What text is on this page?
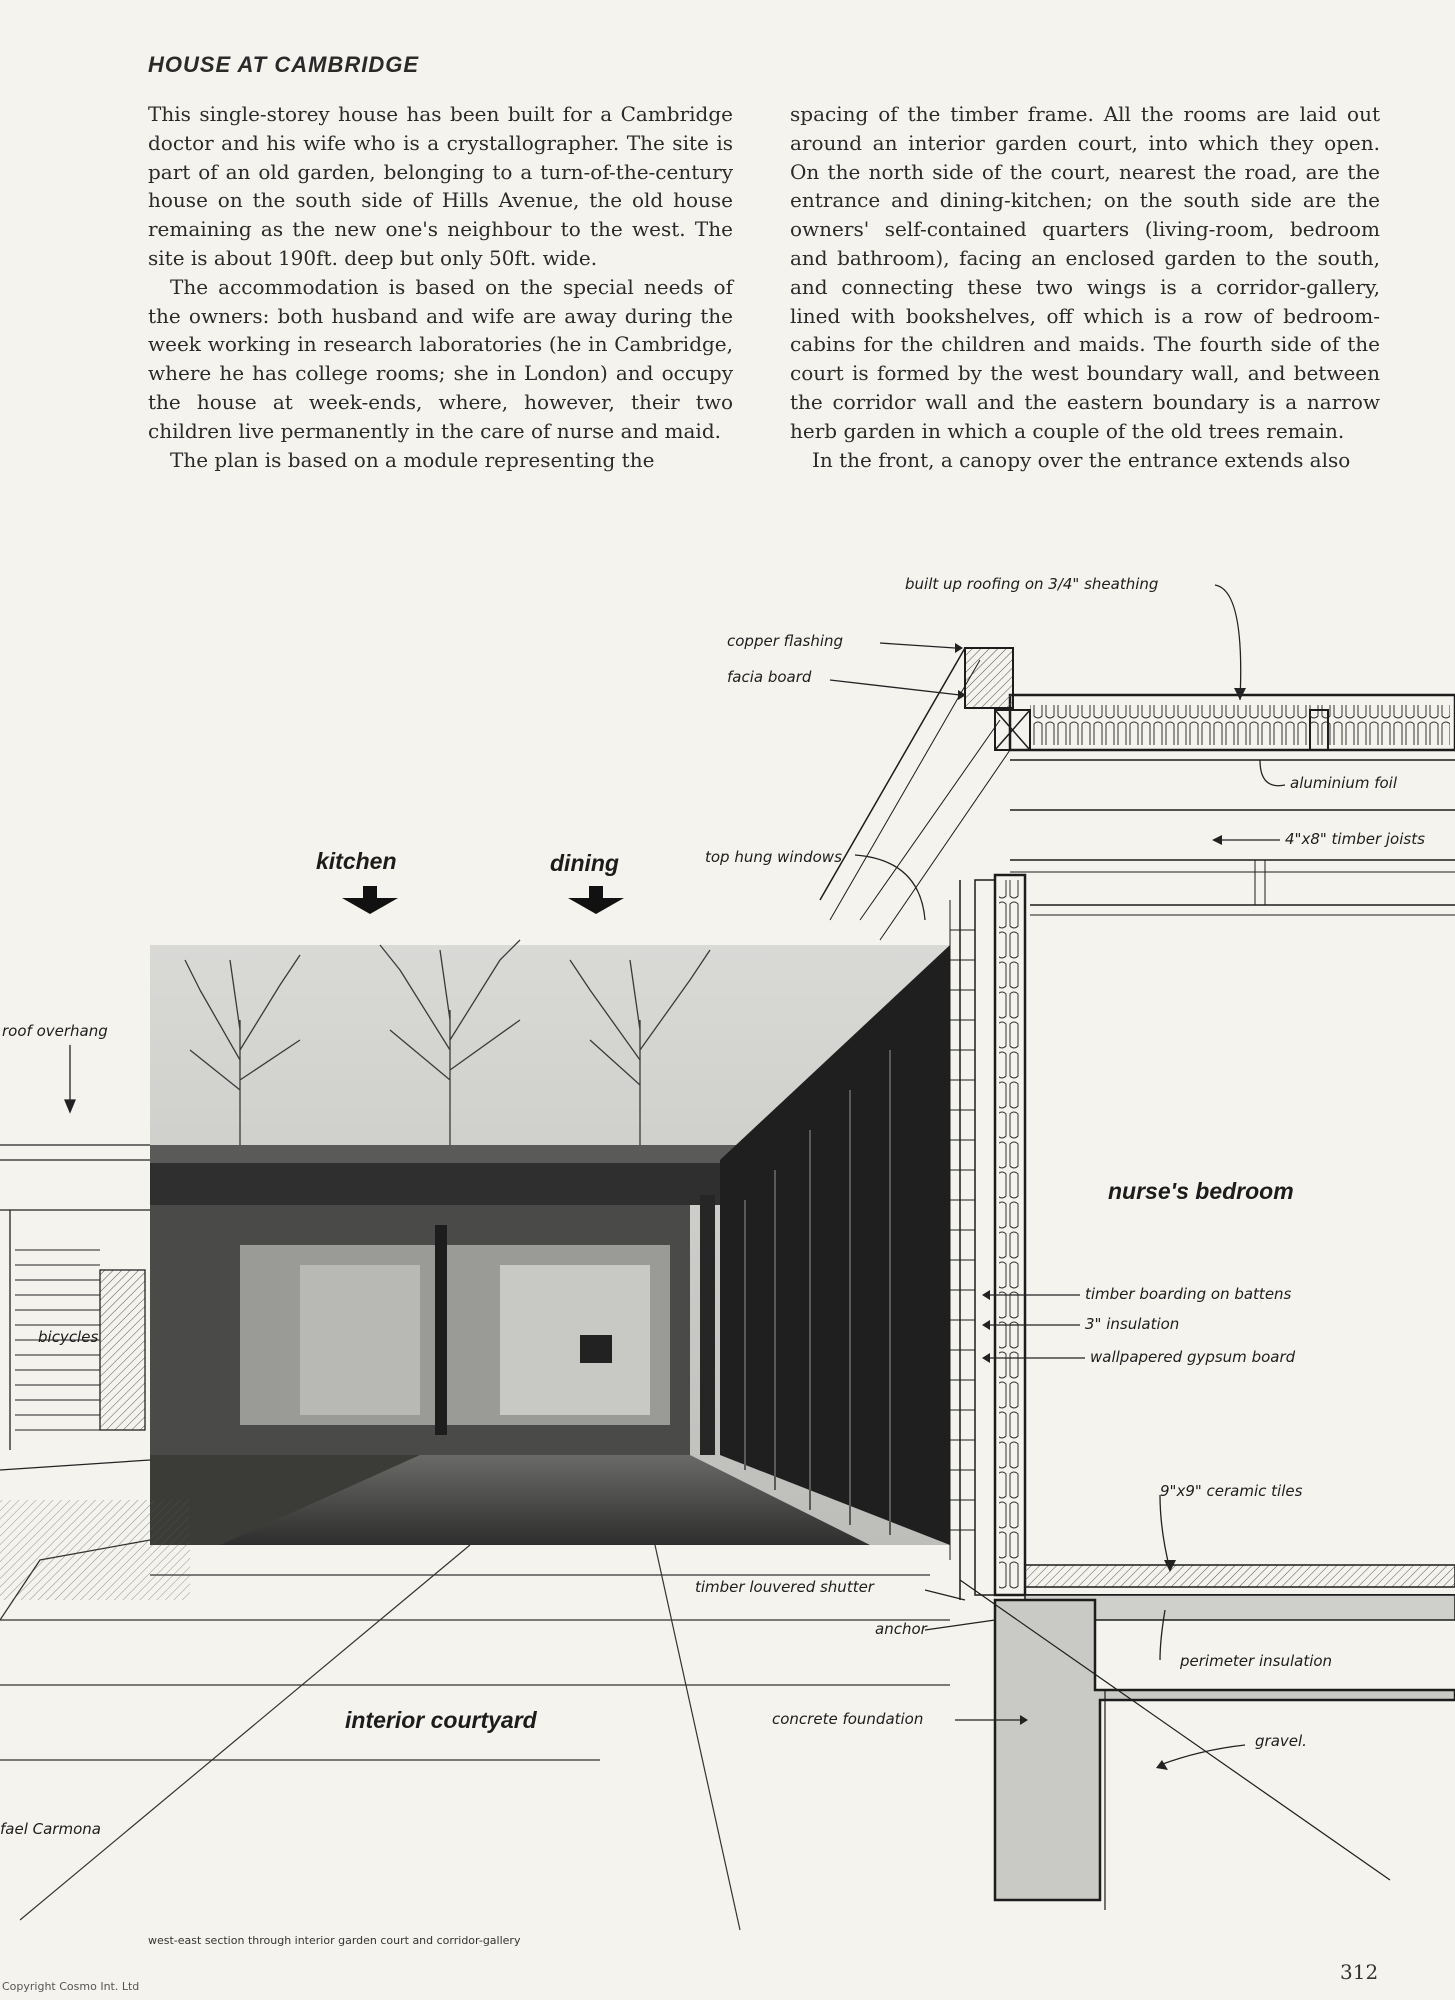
HOUSE AT CAMBRIDGE

This single-storey house has been built for a Cambridge doctor and his wife who is a crystallographer. The site is part of an old garden, belonging to a turn-of-the-century house on the south side of Hills Avenue, the old house remaining as the new one's neighbour to the west. The site is about 190ft. deep but only 50ft. wide.

The accommodation is based on the special needs of the owners: both husband and wife are away during the week working in research laboratories (he in Cambridge, where he has college rooms; she in London) and occupy the house at week-ends, where, however, their two children live permanently in the care of nurse and maid.

The plan is based on a module representing the

spacing of the timber frame. All the rooms are laid out around an interior garden court, into which they open. On the north side of the court, nearest the road, are the entrance and dining-kitchen; on the south side are the owners' self-contained quarters (living-room, bedroom and bathroom), facing an enclosed garden to the south, and connecting these two wings is a corridor-gallery, lined with bookshelves, off which is a row of bedroom-cabins for the children and maids. The fourth side of the court is formed by the west boundary wall, and between the corridor wall and the eastern boundary is a narrow herb garden in which a couple of the old trees remain.

In the front, a canopy over the entrance extends also

kitchen	dining
nurse's bedroom
interior courtyard
built up roofing on 3/4" sheathing
copper flashing
facia board
aluminium foil
4"x8" timber joists
top hung windows
roof overhang
bicycles
timber boarding on battens
3" insulation
wallpapered gypsum board
9"x9" ceramic tiles
timber louvered shutter
anchor
perimeter insulation
concrete foundation
gravel.
fael Carmona
west-east section through interior garden court and corridor-gallery
312
Copyright Cosmo Int. Ltd
